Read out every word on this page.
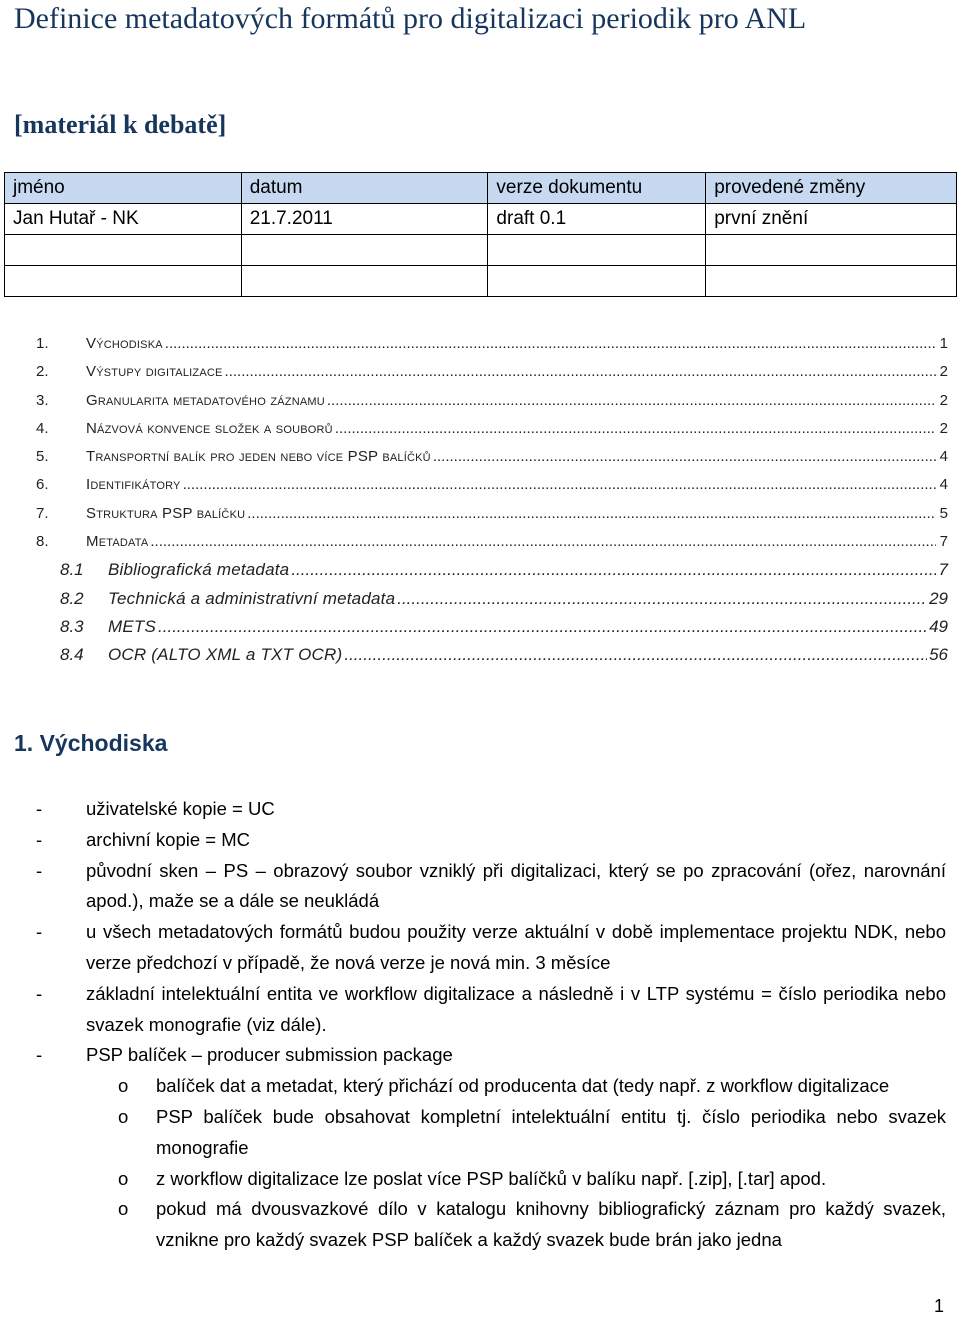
Definice metadatových formátů pro digitalizaci periodik pro ANL
[materiál k debatě]
jméno	datum	verze dokumentu	provedené změny
Jan Hutař - NK	21.7.2011	draft 0.1	první znění

1.	Východiska .....	1
2.	Výstupy digitalizace .....	2
3.	Granularita metadatového záznamu .....	2
4.	Názvová konvence složek a souborů .....	2
5.	Transportní balík pro jeden nebo více PSP balíčků .....	4
6.	Identifikátory .....	4
7.	Struktura PSP balíčku .....	5
8.	Metadata .....	7
8.1	Bibliografická metadata .....	7
8.2	Technická a administrativní metadata .....	29
8.3	METS .....	49
8.4	OCR (ALTO XML a TXT OCR) .....	56
1. Východiska
-	uživatelské kopie = UC
-	archivní kopie = MC
-	původní sken – PS – obrazový soubor vzniklý při digitalizaci, který se po zpracování (ořez, narovnání apod.), maže se a dále se neukládá
-	u všech metadatových formátů budou použity verze aktuální v době implementace projektu NDK, nebo verze předchozí v případě, že nová verze je nová min. 3 měsíce
-	základní intelektuální entita ve workflow digitalizace a následně i v LTP systému = číslo periodika nebo svazek monografie (viz dále).
-	PSP balíček – producer submission package
o	balíček dat a metadat, který přichází od producenta dat (tedy např. z workflow digitalizace
o	PSP balíček bude obsahovat kompletní intelektuální entitu tj. číslo periodika nebo svazek monografie
o	z workflow digitalizace lze poslat více PSP balíčků v balíku např. [.zip], [.tar] apod.
o	pokud má dvousvazkové dílo v katalogu knihovny bibliografický záznam pro každý svazek, vznikne pro každý svazek PSP balíček a každý svazek bude brán jako jedna
1
